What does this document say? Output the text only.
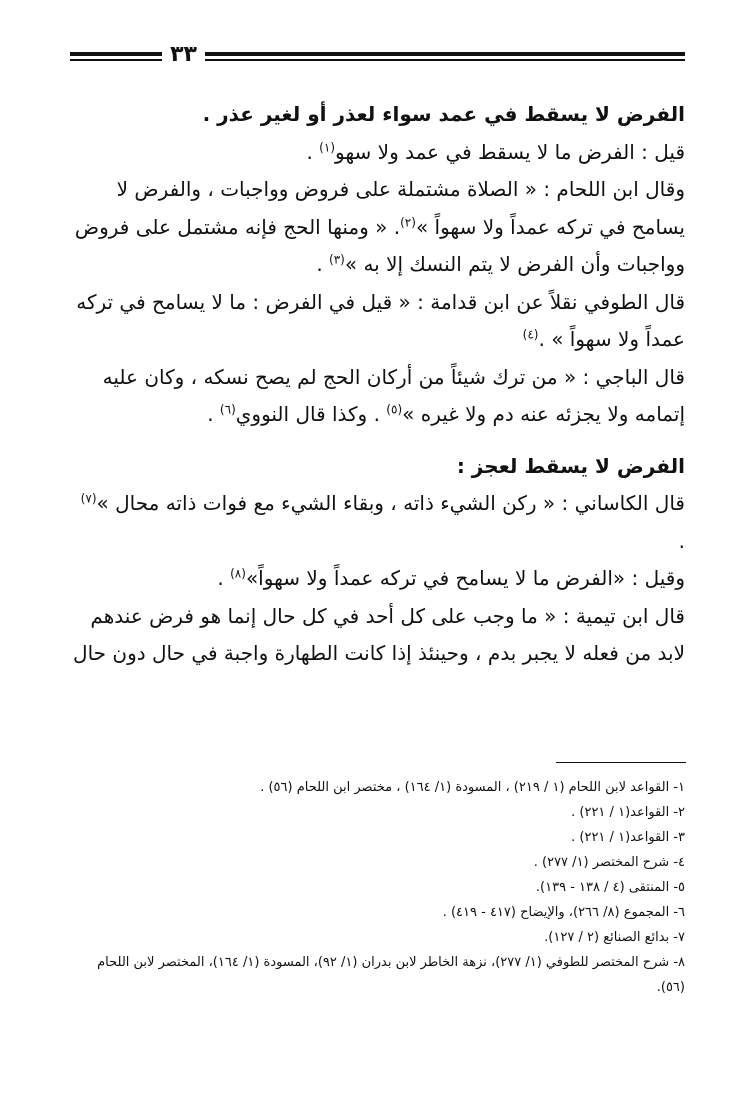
٣٣

الفرض لا يسقط في عمد سواء لعذر أو لغير عذر .

قيل : الفرض ما لا يسقط في عمد ولا سهو$^{(١)}$ .

وقال ابن اللحام : « الصلاة مشتملة على فروض وواجبات ، والفرض لا يسامح في تركه عمداً ولا سهواً »$^{(٢)}$. « ومنها الحج فإنه مشتمل على فروض وواجبات وأن الفرض لا يتم النسك إلا به »$^{(٣)}$ .

قال الطوفي نقلاً عن ابن قدامة : « قيل في الفرض : ما لا يسامح في تركه عمداً ولا سهواً » .$^{(٤)}$

قال الباجي : « من ترك شيئاً من أركان الحج لم يصح نسكه ، وكان عليه إتمامه ولا يجزئه عنه دم ولا غيره »$^{(٥)}$ . وكذا قال النووي$^{(٦)}$ .

الفرض لا يسقط لعجز :

قال الكاساني : « ركن الشيء ذاته ، وبقاء الشيء مع فوات ذاته محال »$^{(٧)}$ .

وقيل : «الفرض ما لا يسامح في تركه عمداً ولا سهواً»$^{(٨)}$ .

قال ابن تيمية : « ما وجب على كل أحد في كل حال إنما هو فرض عندهم لابد من فعله لا يجبر بدم ، وحينئذ إذا كانت الطهارة واجبة في حال دون حال

١- القواعد لابن اللحام (١ / ٢١٩) ، المسودة (١/ ١٦٤) ، مختصر ابن اللحام (٥٦) .

٢- القواعد(١ / ٢٢١) .

٣- القواعد(١ / ٢٢١) .

٤- شرح المختصر (١/ ٢٧٧) .

٥- المنتقى (٤ / ١٣٨ - ١٣٩).

٦- المجموع (٨/ ٢٦٦)، والإيضاح (٤١٧ - ٤١٩) .

٧- بدائع الصنائع (٢ / ١٢٧).

٨- شرح المختصر للطوفي (١/ ٢٧٧)، نزهة الخاطر لابن بدران (١/ ٩٢)، المسودة (١/ ١٦٤)، المختصر لابن اللحام (٥٦).
